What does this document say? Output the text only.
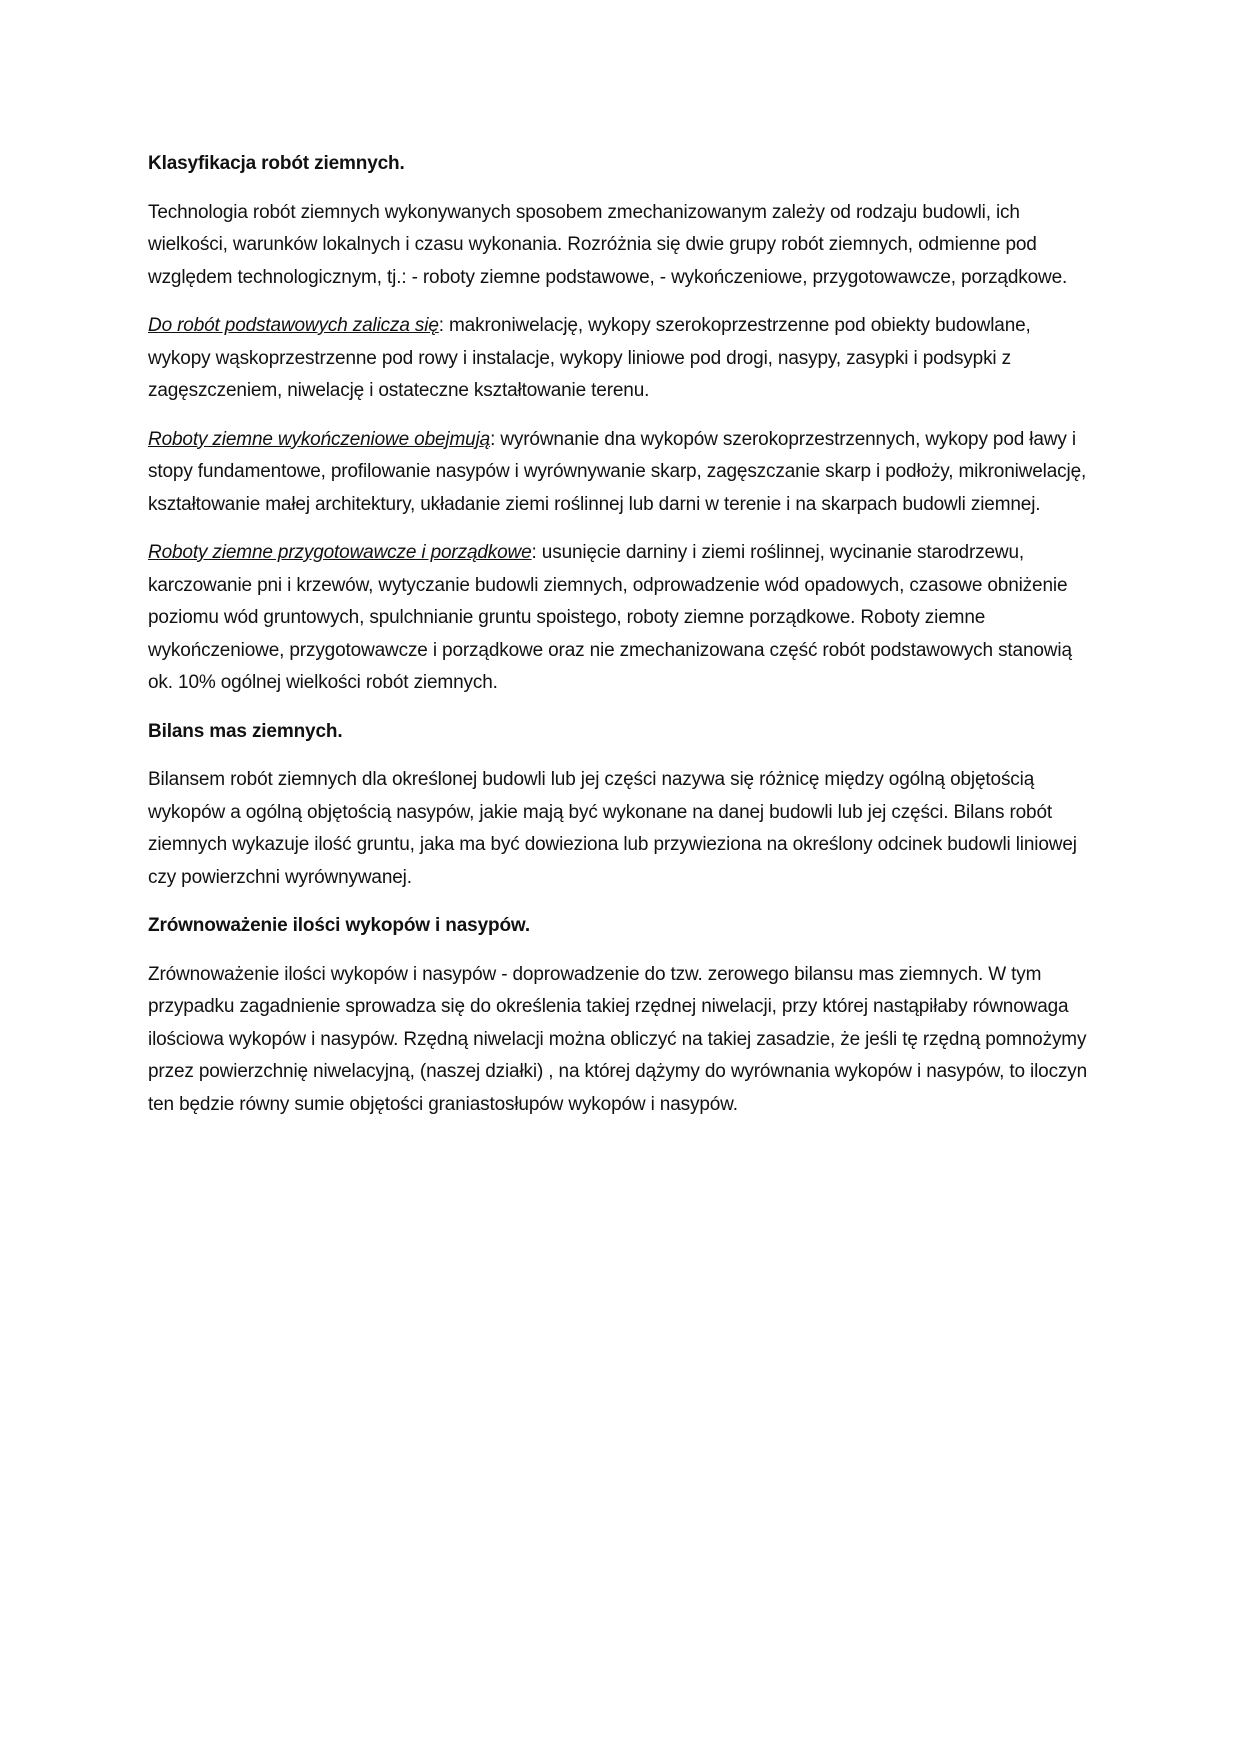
Klasyfikacja robót ziemnych.

Technologia robót ziemnych wykonywanych sposobem zmechanizowanym zależy od rodzaju budowli, ich wielkości, warunków lokalnych i czasu wykonania. Rozróżnia się dwie grupy robót ziemnych, odmienne pod względem technologicznym, tj.: - roboty ziemne podstawowe, - wykończeniowe, przygotowawcze, porządkowe.

Do robót podstawowych zalicza się: makroniwelację, wykopy szerokoprzestrzenne pod obiekty budowlane, wykopy wąskoprzestrzenne pod rowy i instalacje, wykopy liniowe pod drogi, nasypy, zasypki i podsypki z zagęszczeniem, niwelację i ostateczne kształtowanie terenu.

Roboty ziemne wykończeniowe obejmują: wyrównanie dna wykopów szerokoprzestrzennych, wykopy pod ławy i stopy fundamentowe, profilowanie nasypów i wyrównywanie skarp, zagęszczanie skarp i podłoży, mikroniwelację, kształtowanie małej architektury, układanie ziemi roślinnej lub darni w terenie i na skarpach budowli ziemnej.

Roboty ziemne przygotowawcze i porządkowe: usunięcie darniny i ziemi roślinnej, wycinanie starodrzewu, karczowanie pni i krzewów, wytyczanie budowli ziemnych, odprowadzenie wód opadowych, czasowe obniżenie poziomu wód gruntowych, spulchnianie gruntu spoistego, roboty ziemne porządkowe. Roboty ziemne wykończeniowe, przygotowawcze i porządkowe oraz nie zmechanizowana część robót podstawowych stanowią ok. 10% ogólnej wielkości robót ziemnych.

Bilans mas ziemnych.

Bilansem robót ziemnych dla określonej budowli lub jej części nazywa się różnicę między ogólną objętością wykopów a ogólną objętością nasypów, jakie mają być wykonane na danej budowli lub jej części. Bilans robót ziemnych wykazuje ilość gruntu, jaka ma być dowieziona lub przywieziona na określony odcinek budowli liniowej czy powierzchni wyrównywanej.

Zrównoważenie ilości wykopów i nasypów.

Zrównoważenie ilości wykopów i nasypów - doprowadzenie do tzw. zerowego bilansu mas ziemnych. W tym przypadku zagadnienie sprowadza się do określenia takiej rzędnej niwelacji, przy której nastąpiłaby równowaga ilościowa wykopów i nasypów. Rzędną niwelacji można obliczyć na takiej zasadzie, że jeśli tę rzędną pomnożymy przez powierzchnię niwelacyjną, (naszej działki) , na której dążymy do wyrównania wykopów i nasypów, to iloczyn ten będzie równy sumie objętości graniastosłupów wykopów i nasypów.
